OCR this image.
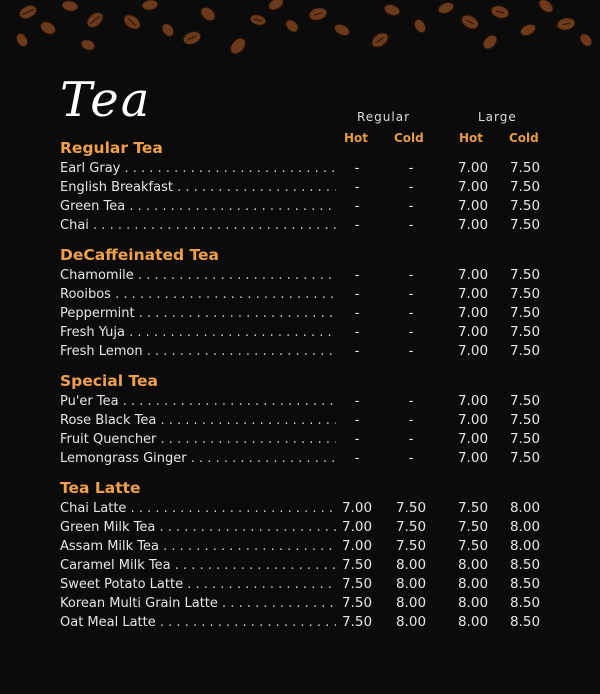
Tea	Regular	Large
Hot Cold	Hot Cold
Regular Tea
Earl Gray . . .	-	-	7.00	7.50
English Breakfast . . .	-	-	7.00	7.50
Green Tea . . .	-	-	7.00	7.50
Chai . . .	-	-	7.00	7.50
DeCaffeinated Tea
Chamomile . . .	-	-	7.00	7.50
Rooibos . . .	-	-	7.00	7.50
Peppermint . . .	-	-	7.00	7.50
Fresh Yuja . . .	-	-	7.00	7.50
Fresh Lemon . . .	-	-	7.00	7.50
Special Tea
Pu'er Tea . . .	-	-	7.00	7.50
Rose Black Tea . . .	-	-	7.00	7.50
Fruit Quencher . . .	-	-	7.00	7.50
Lemongrass Ginger . . .	-	-	7.00	7.50
Tea Latte
Chai Latte . . .	7.00	7.50	7.50	8.00
Green Milk Tea . . .	7.00	7.50	7.50	8.00
Assam Milk Tea . . .	7.00	7.50	7.50	8.00
Caramel Milk Tea . . .	7.50	8.00	8.00	8.50
Sweet Potato Latte . . .	7.50	8.00	8.00	8.50
Korean Multi Grain Latte . . .	7.50	8.00	8.00	8.50
Oat Meal Latte . . .	7.50	8.00	8.00	8.50
